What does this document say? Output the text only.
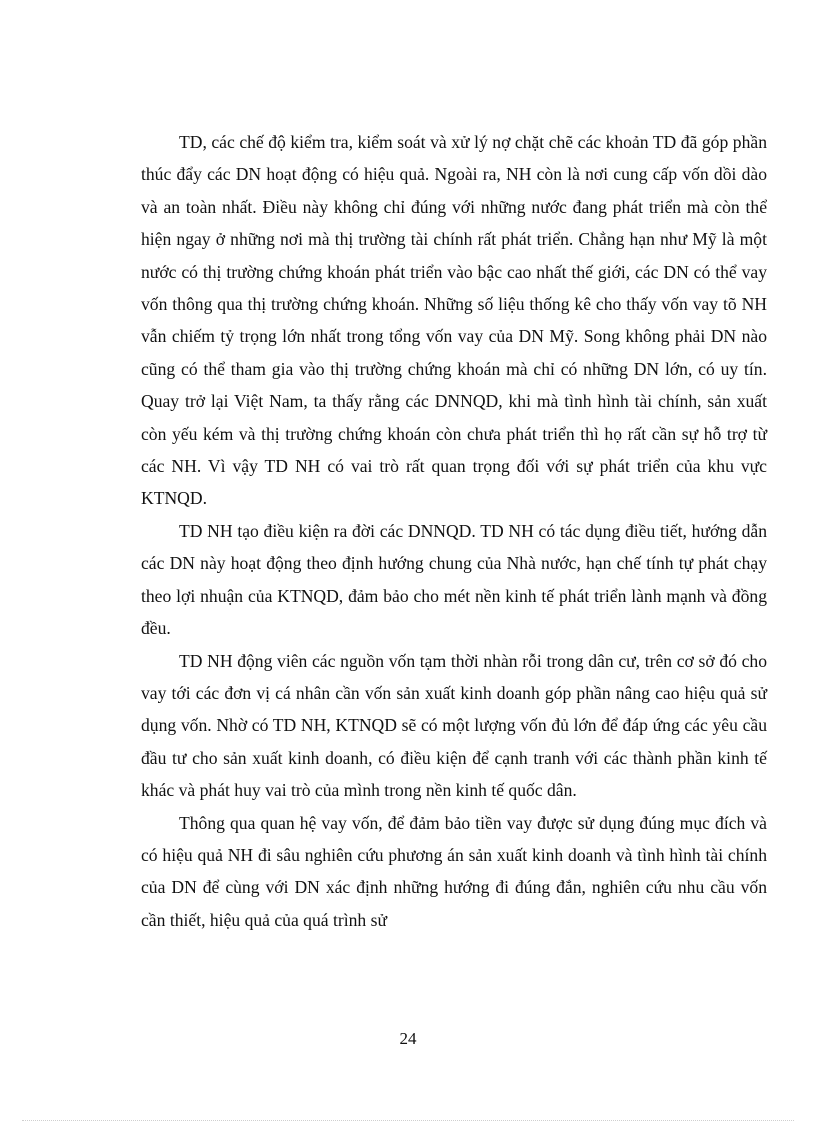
TD, các chế độ kiểm tra, kiểm soát và xử lý nợ chặt chẽ các khoản TD đã góp phần thúc đẩy các DN hoạt động có hiệu quả. Ngoài ra, NH còn là nơi cung cấp vốn dồi dào và an toàn nhất. Điều này không chỉ đúng với những nước đang phát triển mà còn thể hiện ngay ở những nơi mà thị trường tài chính rất phát triển. Chẳng hạn như Mỹ là một nước có thị trường chứng khoán phát triển vào bậc cao nhất thế giới, các DN có thể vay vốn thông qua thị trường chứng khoán. Những số liệu thống kê cho thấy vốn vay tõ NH vẫn chiếm tỷ trọng lớn nhất trong tổng vốn vay của DN Mỹ. Song không phải DN nào cũng có thể tham gia vào thị trường chứng khoán mà chỉ có những DN lớn, có uy tín. Quay trở lại Việt Nam, ta thấy rằng các DNNQD, khi mà tình hình tài chính, sản xuất còn yếu kém và thị trường chứng khoán còn chưa phát triển thì họ rất cần sự hỗ trợ từ các NH. Vì vậy TD NH có vai trò rất quan trọng đối với sự phát triển của khu vực KTNQD.

TD NH tạo điều kiện ra đời các DNNQD. TD NH có tác dụng điều tiết, hướng dẫn các DN này hoạt động theo định hướng chung của Nhà nước, hạn chế tính tự phát chạy theo lợi nhuận của KTNQD, đảm bảo cho mét nền kinh tế phát triển lành mạnh và đồng đều.

TD NH động viên các nguồn vốn tạm thời nhàn rỗi trong dân cư, trên cơ sở đó cho vay tới các đơn vị cá nhân cần vốn sản xuất kinh doanh góp phần nâng cao hiệu quả sử dụng vốn. Nhờ có TD NH, KTNQD sẽ có một lượng vốn đủ lớn để đáp ứng các yêu cầu đầu tư cho sản xuất kinh doanh, có điều kiện để cạnh tranh với các thành phần kinh tế khác và phát huy vai trò của mình trong nền kinh tế quốc dân.

Thông qua quan hệ vay vốn, để đảm bảo tiền vay được sử dụng đúng mục đích và có hiệu quả NH đi sâu nghiên cứu phương án sản xuất kinh doanh và tình hình tài chính của DN để cùng với DN xác định những hướng đi đúng đắn, nghiên cứu nhu cầu vốn cần thiết, hiệu quả của quá trình sử

24
